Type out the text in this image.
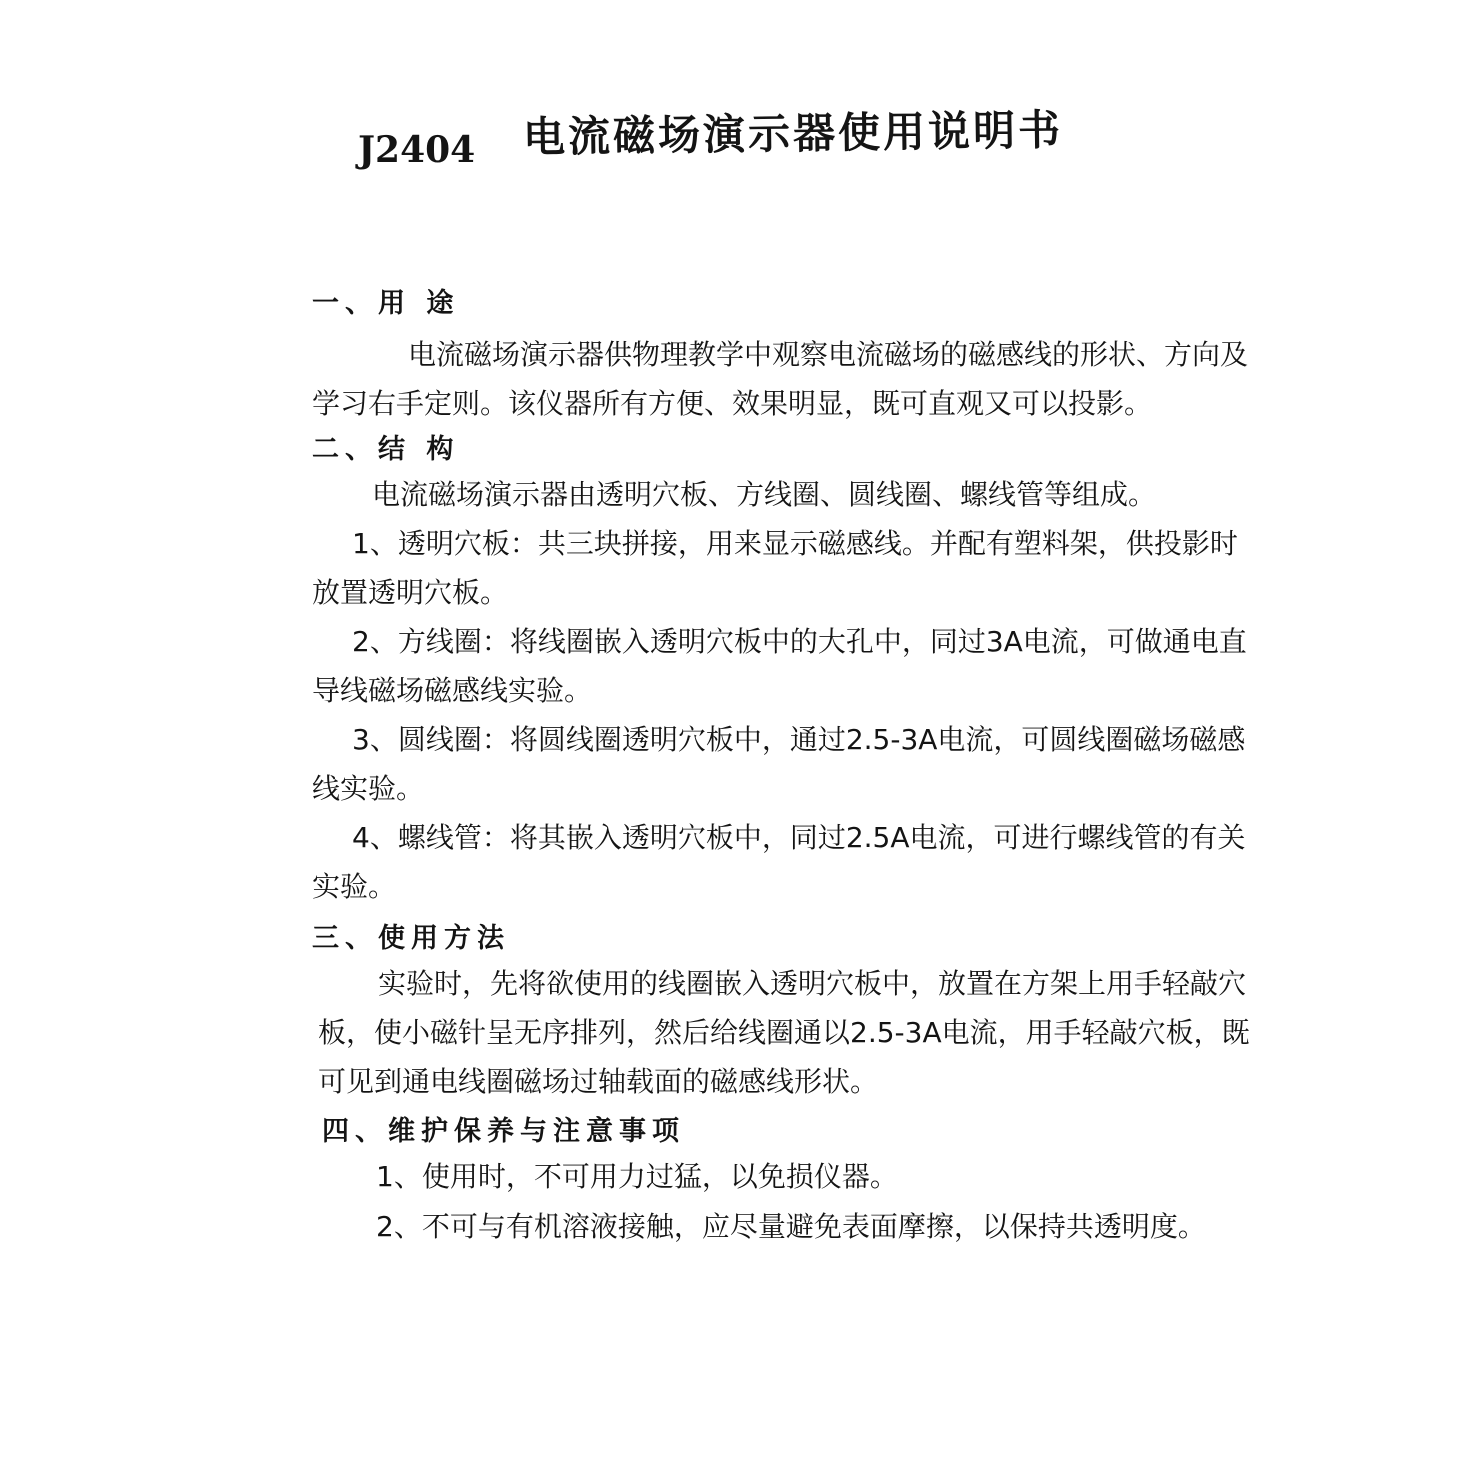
J2404 电流磁场演示器使用说明书
一、用 途

电流磁场演示器供物理教学中观察电流磁场的磁感线的形状、方向及学习右手定则。该仪器所有方便、效果明显，既可直观又可以投影。

二、结 构

电流磁场演示器由透明穴板、方线圈、圆线圈、螺线管等组成。

1、透明穴板：共三块拼接，用来显示磁感线。并配有塑料架，供投影时放置透明穴板。

2、方线圈：将线圈嵌入透明穴板中的大孔中，同过3A电流，可做通电直导线磁场磁感线实验。

3、圆线圈：将圆线圈透明穴板中，通过2.5-3A电流，可圆线圈磁场磁感线实验。

4、螺线管：将其嵌入透明穴板中，同过2.5A电流，可进行螺线管的有关实验。

三、使用方法

实验时，先将欲使用的线圈嵌入透明穴板中，放置在方架上用手轻敲穴板，使小磁针呈无序排列，然后给线圈通以2.5-3A电流，用手轻敲穴板，既可见到通电线圈磁场过轴载面的磁感线形状。

四、维护保养与注意事项

1、使用时，不可用力过猛，以免损仪器。

2、不可与有机溶液接触，应尽量避免表面摩擦，以保持共透明度。
